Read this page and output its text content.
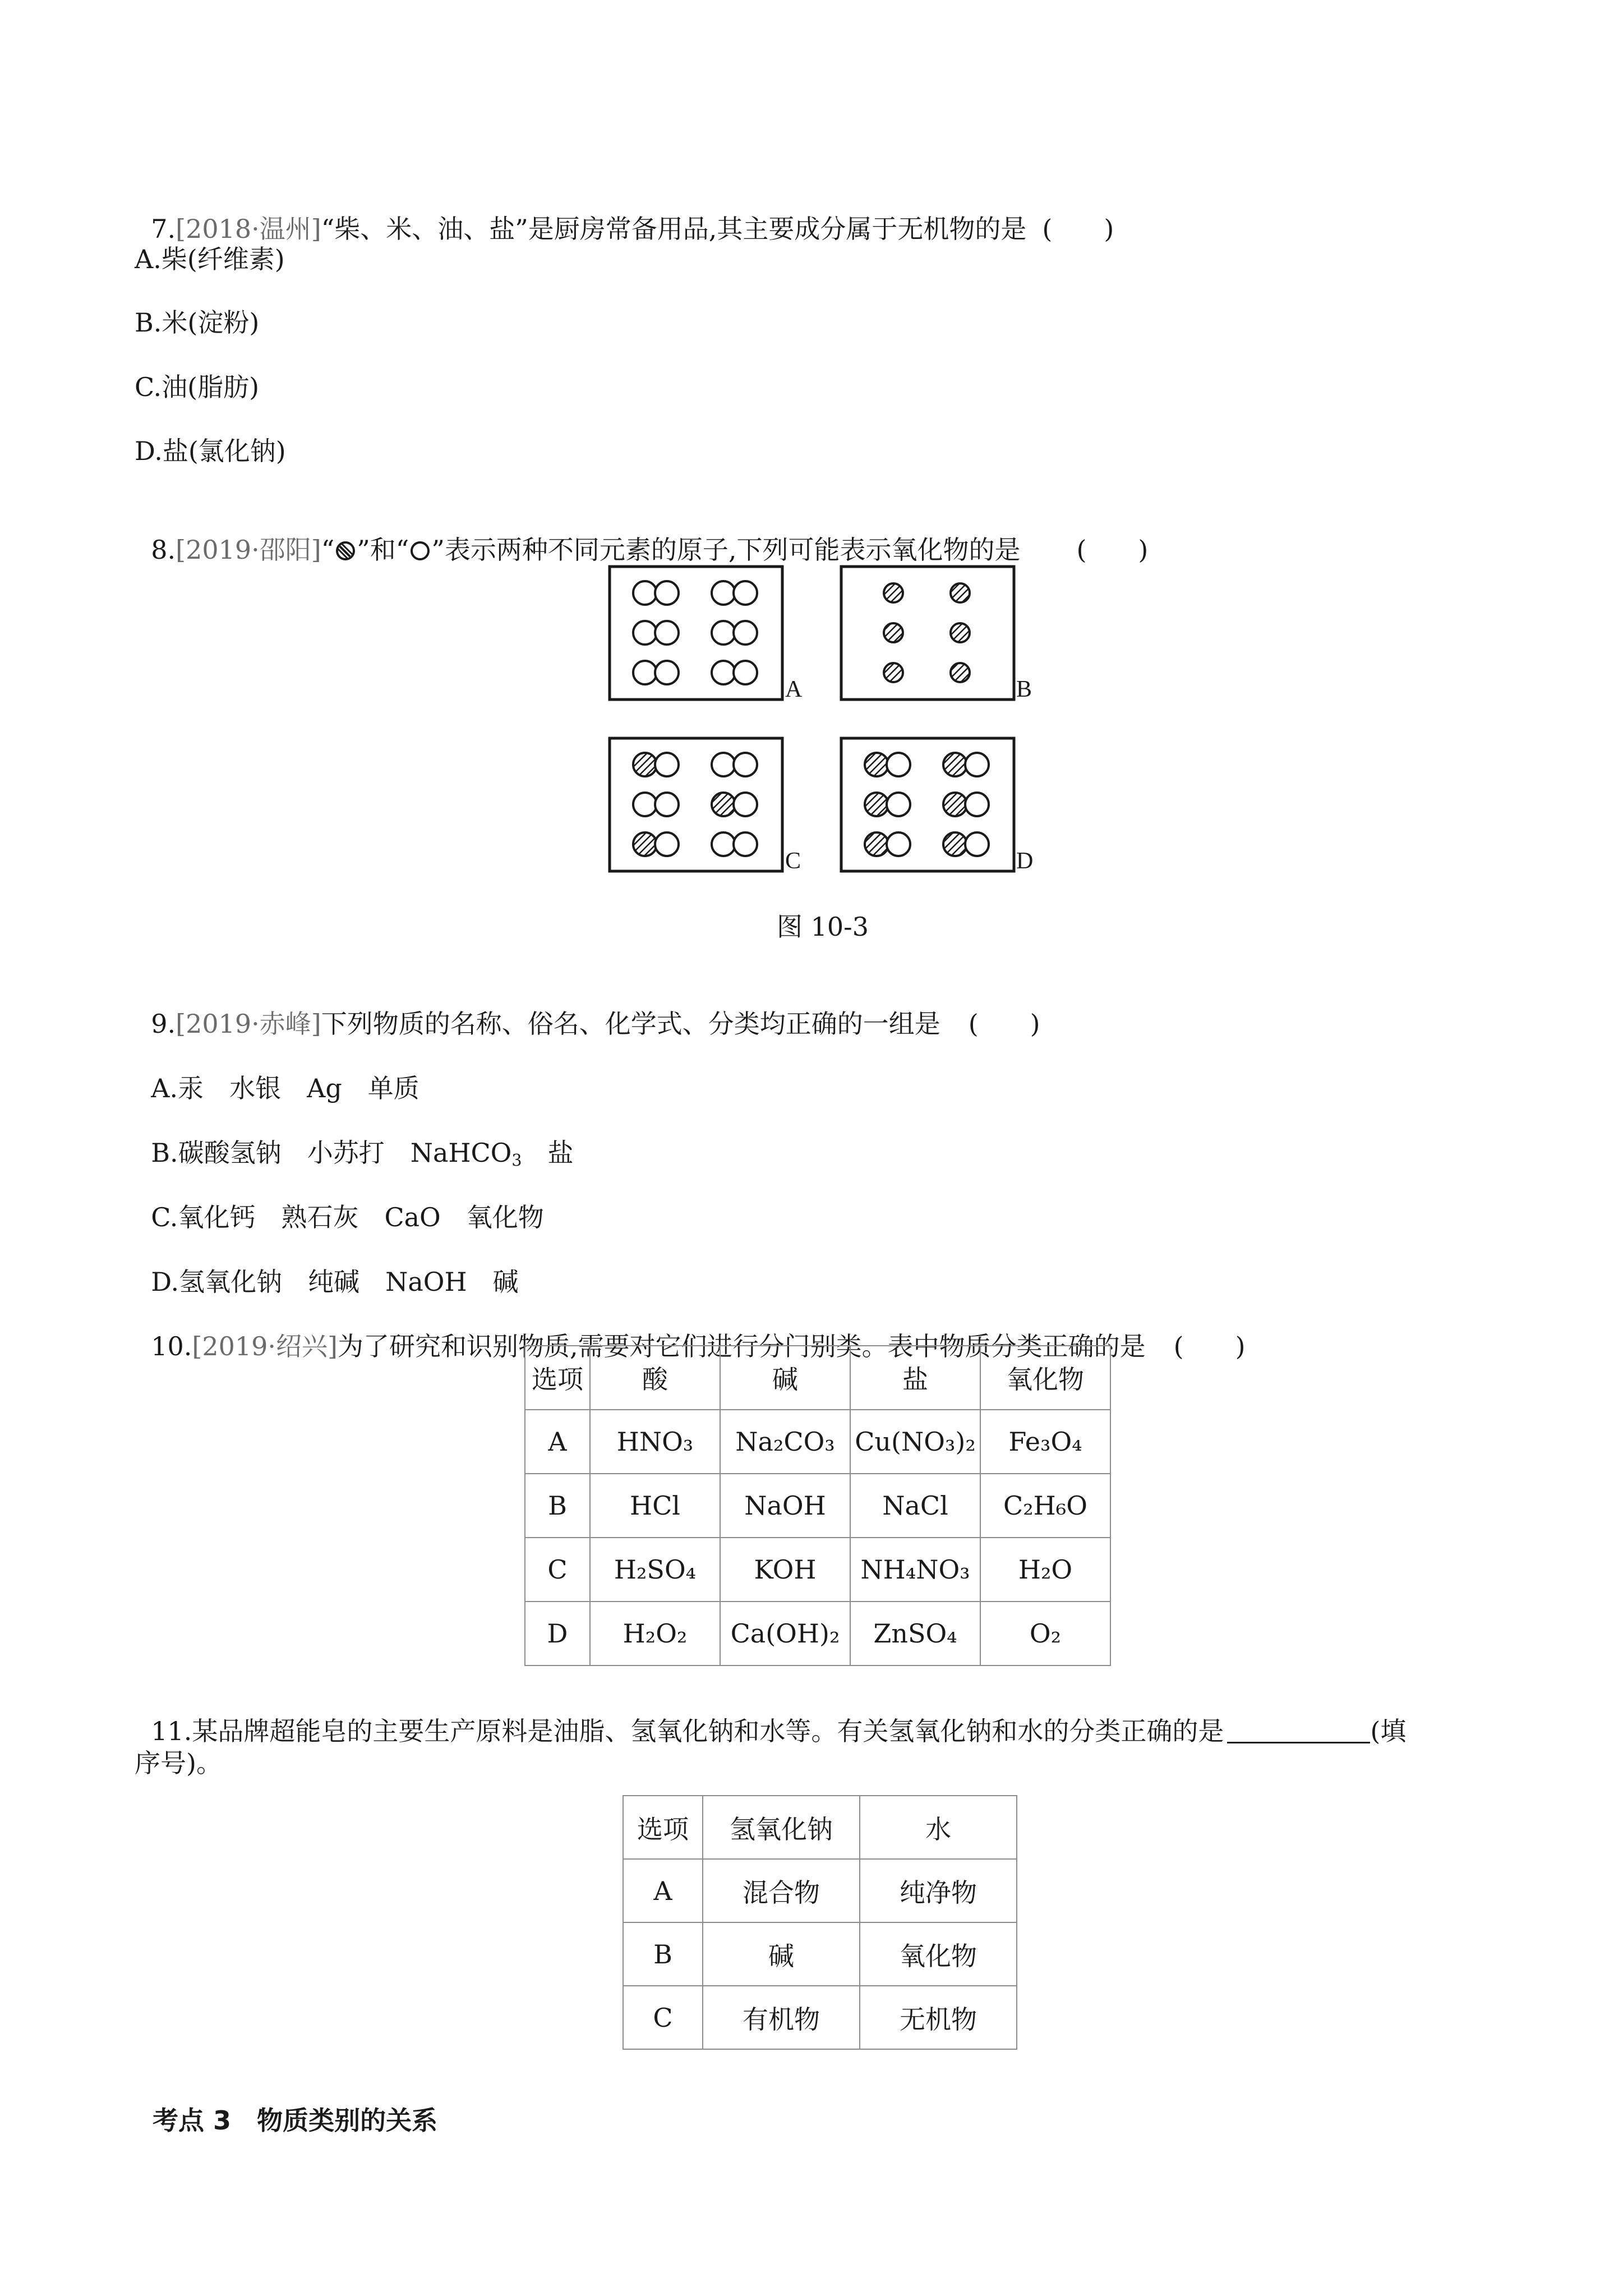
7.[2018·温州]“柴、米、油、盐”是厨房常备用品,其主要成分属于无机物的是 (　　)

A.柴(纤维素)
B.米(淀粉)
C.油(脂肪)
D.盐(氯化钠)

8.[2019·邵阳]“ ”和“ ”表示两种不同元素的原子,下列可能表示氧化物的是 (　　)

A	B
C	D
图 10-3

9.[2019·赤峰]下列物质的名称、俗名、化学式、分类均正确的一组是 (　　)

A.汞 水银 Ag 单质

B.碳酸氢钠 小苏打 NaHCO$_3$ 盐

C.氧化钙 熟石灰 CaO 氧化物

D.氢氧化钠 纯碱 NaOH 碱

10.[2019·绍兴]为了研究和识别物质,需要对它们进行分门别类。表中物质分类正确的是 (　　)

选项	酸	碱	盐	氧化物
A	HNO₃	Na₂CO₃	Cu(NO₃)₂	Fe₃O₄
B	HCl	NaOH	NaCl	C₂H₆O
C	H₂SO₄	KOH	NH₄NO₃	H₂O
D	H₂O₂	Ca(OH)₂	ZnSO₄	O₂

11.某品牌超能皂的主要生产原料是油脂、氢氧化钠和水等。有关氢氧化钠和水的分类正确的是	(填

序号)。
选项	氢氧化钠	水
A	混合物	纯净物
B	碱	氧化物
C	有机物	无机物

考点 3 物质类别的关系
